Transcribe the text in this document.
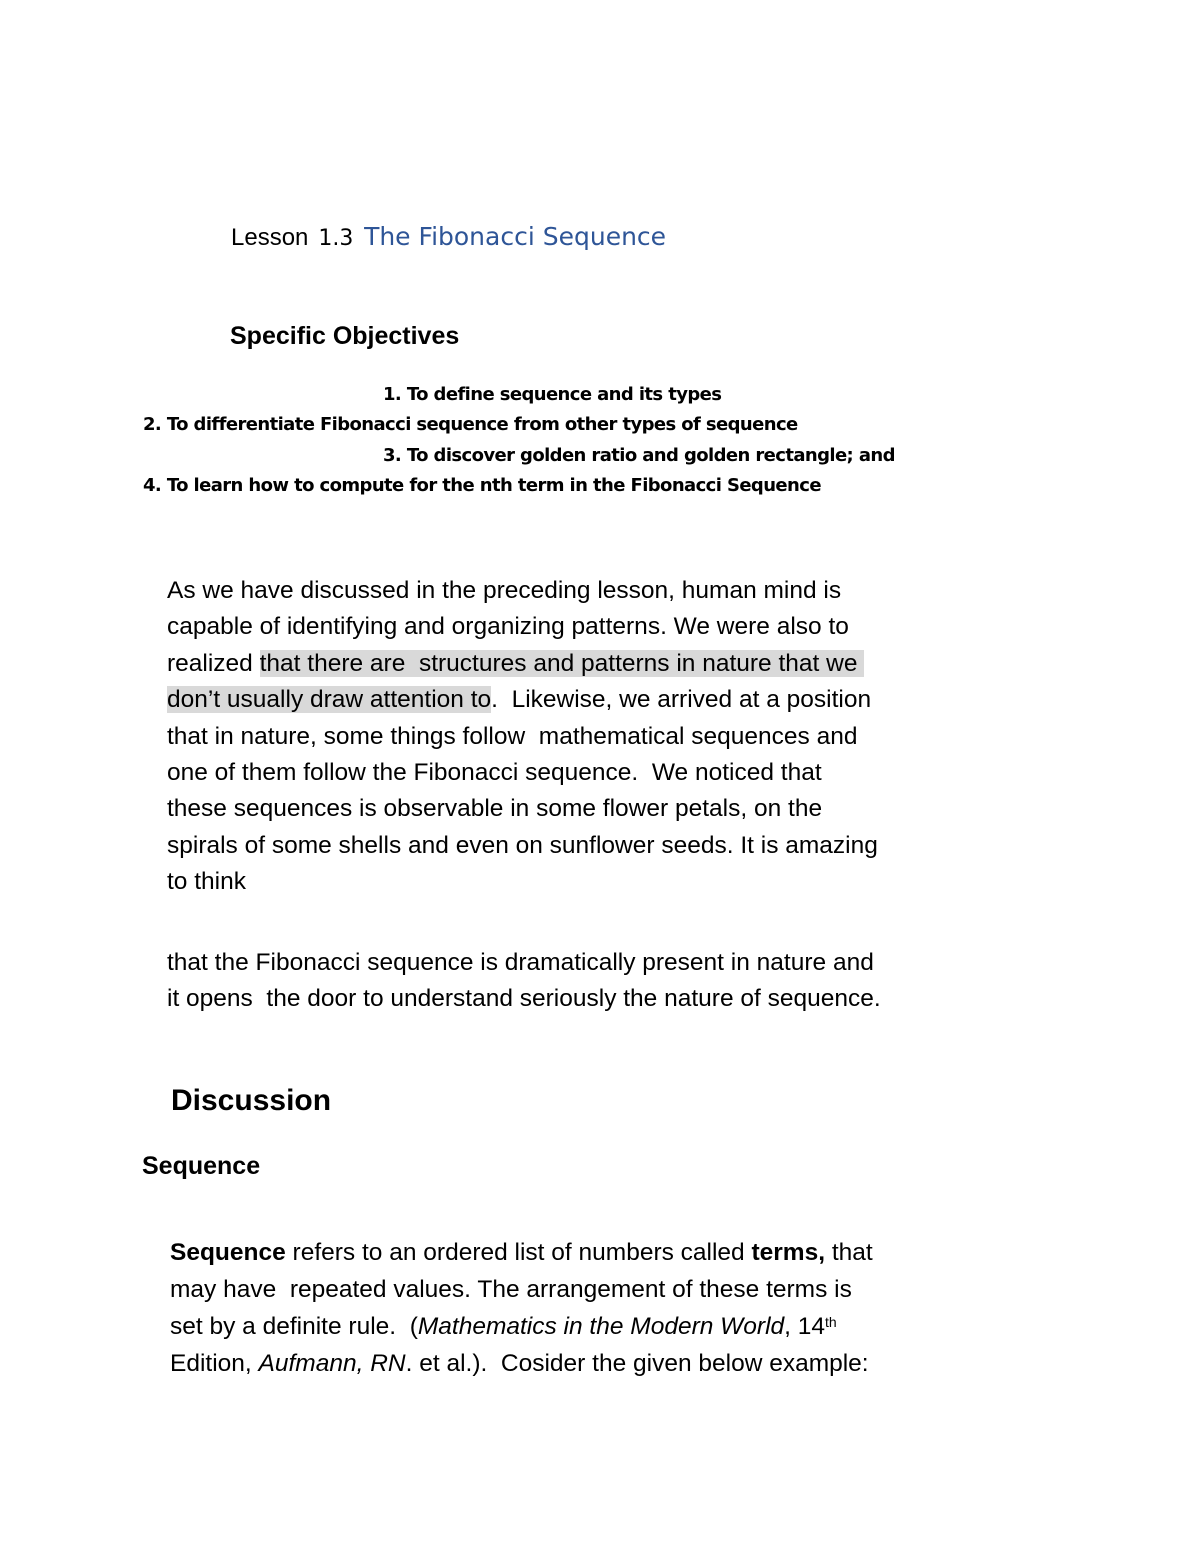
Lesson 1.3 The Fibonacci Sequence
Specific Objectives
1. To define sequence and its types
2. To differentiate Fibonacci sequence from other types of sequence
3. To discover golden ratio and golden rectangle; and
4. To learn how to compute for the nth term in the Fibonacci Sequence
As we have discussed in the preceding lesson, human mind is
capable of identifying and organizing patterns. We were also to
realized that there are  structures and patterns in nature that we
don’t usually draw attention to.  Likewise, we arrived at a position
that in nature, some things follow  mathematical sequences and
one of them follow the Fibonacci sequence.  We noticed that
these sequences is observable in some flower petals, on the
spirals of some shells and even on sunflower seeds. It is amazing
to think
that the Fibonacci sequence is dramatically present in nature and
it opens  the door to understand seriously the nature of sequence.
Discussion
Sequence
Sequence refers to an ordered list of numbers called terms, that
may have  repeated values. The arrangement of these terms is
set by a definite rule.  (Mathematics in the Modern World, 14th
Edition, Aufmann, RN. et al.).  Cosider the given below example:
